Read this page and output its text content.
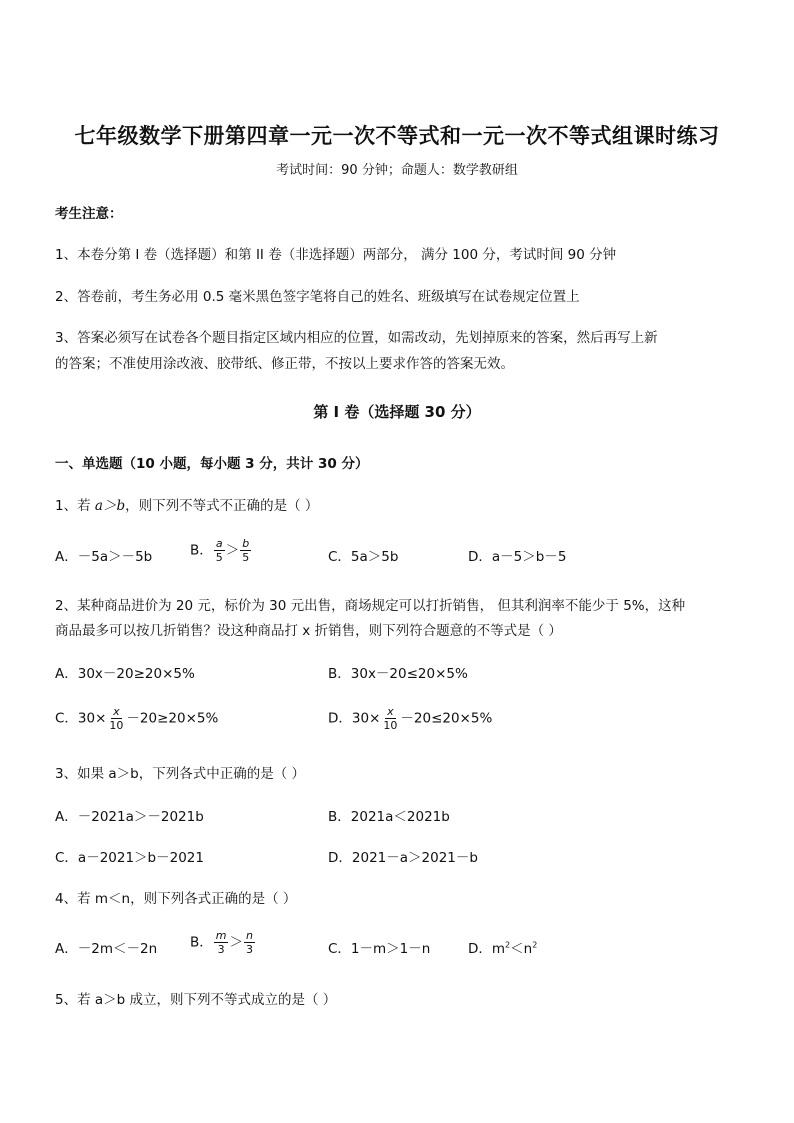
七年级数学下册第四章一元一次不等式和一元一次不等式组课时练习
考试时间：90 分钟；命题人：数学教研组
考生注意：
1、本卷分第 I 卷（选择题）和第 II 卷（非选择题）两部分， 满分 100 分，考试时间 90 分钟
2、答卷前，考生务必用 0.5 毫米黑色签字笔将自己的姓名、班级填写在试卷规定位置上
3、答案必须写在试卷各个题目指定区域内相应的位置，如需改动，先划掉原来的答案，然后再写上新
的答案；不准使用涂改液、胶带纸、修正带，不按以上要求作答的答案无效。
第 I 卷（选择题 30 分）
一、单选题（10 小题，每小题 3 分，共计 30 分）
1、若 a＞b，则下列不等式不正确的是（ ）
A．－5a＞－5b	B． $\frac{a}{5} > \frac{b}{5}$	C．5a＞5b	D．a－5＞b－5
2、某种商品进价为 20 元，标价为 30 元出售，商场规定可以打折销售， 但其利润率不能少于 5%，这种
商品最多可以按几折销售？设这种商品打 x 折销售，则下列符合题意的不等式是（ ）
A．30x－20≥20×5%	B．30x－20≤20×5%
C．$30\times \frac{x}{10} -20\ge 20\times 5\%$	D．$30\times \frac{x}{10} -20\le 20\times 5\%$
3、如果 a＞b，下列各式中正确的是（ ）
A．－2021a＞－2021b	B．2021a＜2021b
C．a－2021＞b－2021	D．2021－a＞2021－b
4、若 m＜n，则下列各式正确的是（ ）
A．－2m＜－2n B． $\frac{m}{3} > \frac{n}{3}$	C．1－m＞1－n	D．$m^2<n^2$
5、若 a＞b 成立，则下列不等式成立的是（ ）
